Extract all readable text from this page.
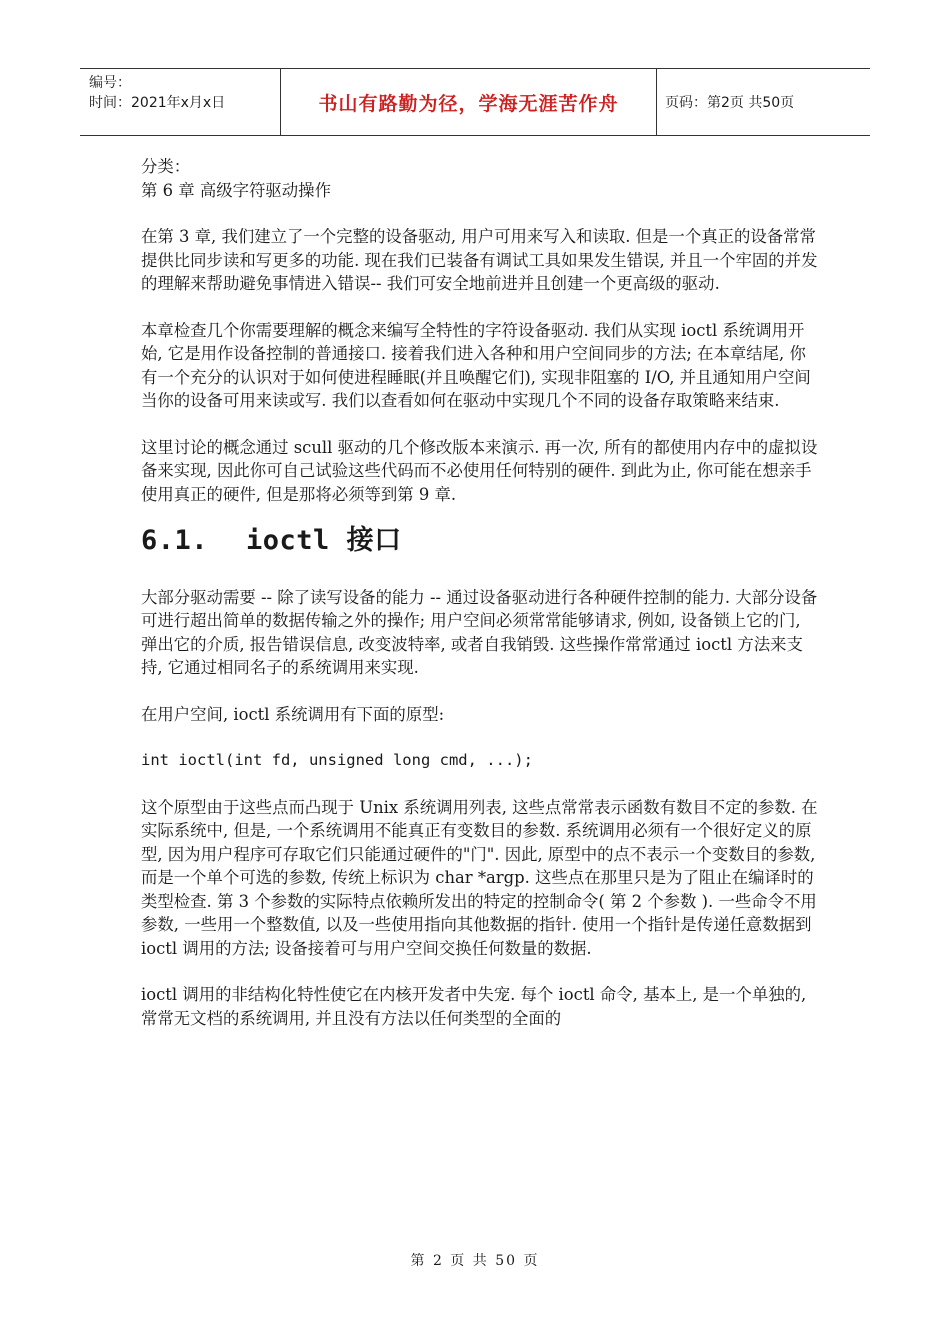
编号：
时间：2021年x月x日	书山有路勤为径，学海无涯苦作舟	页码：第2页 共50页

分类：

第 6 章 高级字符驱动操作

在第 3 章, 我们建立了一个完整的设备驱动, 用户可用来写入和读取. 但是一个真正的设备常常提供比同步读和写更多的功能. 现在我们已装备有调试工具如果发生错误, 并且一个牢固的并发的理解来帮助避免事情进入错误-- 我们可安全地前进并且创建一个更高级的驱动.

本章检查几个你需要理解的概念来编写全特性的字符设备驱动. 我们从实现 ioctl 系统调用开始, 它是用作设备控制的普通接口. 接着我们进入各种和用户空间同步的方法; 在本章结尾, 你有一个充分的认识对于如何使进程睡眠(并且唤醒它们), 实现非阻塞的 I/O, 并且通知用户空间当你的设备可用来读或写. 我们以查看如何在驱动中实现几个不同的设备存取策略来结束.

这里讨论的概念通过 scull 驱动的几个修改版本来演示. 再一次, 所有的都使用内存中的虚拟设备来实现, 因此你可自己试验这些代码而不必使用任何特别的硬件. 到此为止, 你可能在想亲手使用真正的硬件, 但是那将必须等到第 9 章.

6.1. ioctl 接口

大部分驱动需要 -- 除了读写设备的能力 -- 通过设备驱动进行各种硬件控制的能力. 大部分设备可进行超出简单的数据传输之外的操作; 用户空间必须常常能够请求, 例如, 设备锁上它的门, 弹出它的介质, 报告错误信息, 改变波特率, 或者自我销毁. 这些操作常常通过 ioctl 方法来支持, 它通过相同名子的系统调用来实现.

在用户空间, ioctl 系统调用有下面的原型:

int ioctl(int fd, unsigned long cmd, ...);

这个原型由于这些点而凸现于 Unix 系统调用列表, 这些点常常表示函数有数目不定的参数. 在实际系统中, 但是, 一个系统调用不能真正有变数目的参数. 系统调用必须有一个很好定义的原型, 因为用户程序可存取它们只能通过硬件的"门". 因此, 原型中的点不表示一个变数目的参数, 而是一个单个可选的参数, 传统上标识为 char *argp. 这些点在那里只是为了阻止在编译时的类型检查. 第 3 个参数的实际特点依赖所发出的特定的控制命令( 第 2 个参数 ). 一些命令不用参数, 一些用一个整数值, 以及一些使用指向其他数据的指针. 使用一个指针是传递任意数据到 ioctl 调用的方法; 设备接着可与用户空间交换任何数量的数据.

ioctl 调用的非结构化特性使它在内核开发者中失宠. 每个 ioctl 命令, 基本上, 是一个单独的, 常常无文档的系统调用, 并且没有方法以任何类型的全面的

第 2 页 共 50 页
